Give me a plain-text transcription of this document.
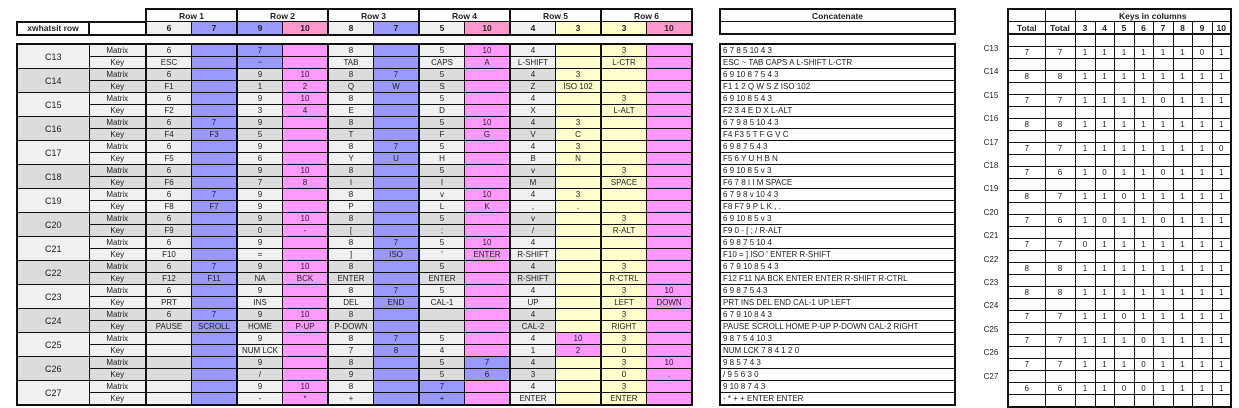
		Row 1		Row 2		Row 3		Row 4		Row 5		Row 6	
xwhatsit row		6	7	9	10	8	7	5	10	4	3	3	10
C13	Matrix	6		7		8		5	10	4		3	
	Key	ESC		~		TAB		CAPS	A	L-SHIFT		L-CTR	
C14	Matrix	6		9	10	8	7	5		4	3		
	Key	F1		1	2	Q	W	S		Z	ISO 102		
C15	Matrix	6		9	10	8		5		4		3	
	Key	F2		3	4	E		D		X		L-ALT	
C16	Matrix	6	7	9		8		5	10	4	3		
	Key	F4	F3	5		T		F	G	V	C		
C17	Matrix	6		9		8	7	5		4	3		
	Key	F5		6		Y	U	H		B	N		
C18	Matrix	6		9	10	8		5		v		3	
	Key	F6		7	8	I		I		M		SPACE	
C19	Matrix	6	7	9		8		v	10	4	3		
	Key	F8	F7	9		P		L	K	,	.		
C20	Matrix	6		9	10	8		5		v		3	
	Key	F9		0	-	[		;		/		R-ALT	
C21	Matrix	6		9		8	7	5	10	4			
	Key	F10		=		]	ISO	'	ENTER	R-SHIFT			
C22	Matrix	6	7	9	10	8		5		4		3	
	Key	F12	F11	NA	BCK	ENTER		ENTER		R-SHIFT		R-CTRL	
C23	Matrix	6		9		8	7	5		4		3	10
	Key	PRT		INS		DEL	END	CAL-1		UP		LEFT	DOWN
C24	Matrix	6	7	9	10	8				4		3	
	Key	PAUSE	SCROLL	HOME	P-UP	P-DOWN				CAL-2		RIGHT	
C25	Matrix			9		8	7	5		4	10	3	
	Key			NUM LCK		7	8	4		1	2	0	
C26	Matrix			9		8		5	7	4		3	10
	Key			/		9		5	6	3		0	.
C27	Matrix			9	10	8		7		4		3	
	Key			-	*	+		+		ENTER		ENTER	
Concatenate

6 7 8 5 10 4 3
ESC ~ TAB CAPS A L-SHIFT L-CTR
6 9 10 8 7 5 4 3
F1 1 2 Q W S Z ISO 102
6 9 10 8 5 4 3
F2 3 4 E D X L-ALT
6 7 9 8 5 10 4 3
F4 F3 5 T F G V C
6 9 8 7 5 4 3
F5 6 Y U H B N
6 9 10 8 5 v 3
F6 7 8 I I M SPACE
6 7 9 8 v 10 4 3
F8 F7 9 P L K , .
6 9 10 8 5 v 3
F9 0 - [ ; / R-ALT
6 9 8 7 5 10 4
F10 = ] ISO ' ENTER R-SHIFT
6 7 9 10 8 5 4 3
F12 F11 NA BCK ENTER ENTER R-SHIFT R-CTRL
6 9 8 7 5 4 3
PRT INS DEL END CAL-1 UP LEFT
6 7 9 10 8 4 3
PAUSE SCROLL HOME P-UP P-DOWN CAL-2 RIGHT
9 8 7 5 4 10 3
NUM LCK 7 8 4 1 2 0
9 8 5 7 4 3
/ 9 5 6 3 0
9 10 8 7 4 3
- * + + ENTER ENTER
		Keys in columns							
Total	Total	3	4	5	6	7	8	9	10

7	7	1	1	1	1	1	1	0	1

8	8	1	1	1	1	1	1	1	1

7	7	1	1	1	1	0	1	1	1

8	8	1	1	1	1	1	1	1	1

7	7	1	1	1	1	1	1	1	0

7	6	1	0	1	1	0	1	1	1

8	7	1	1	0	1	1	1	1	1

7	6	1	0	1	1	0	1	1	1

7	7	0	1	1	1	1	1	1	1

8	8	1	1	1	1	1	1	1	1

8	8	1	1	1	1	1	1	1	1

7	7	1	1	0	1	1	1	1	1

7	7	1	1	1	0	1	1	1	1

7	7	1	1	1	0	1	1	1	1

6	6	1	1	0	0	1	1	1	1

C13
C14
C15
C16
C17
C18
C19
C20
C21
C22
C23
C24
C25
C26
C27
